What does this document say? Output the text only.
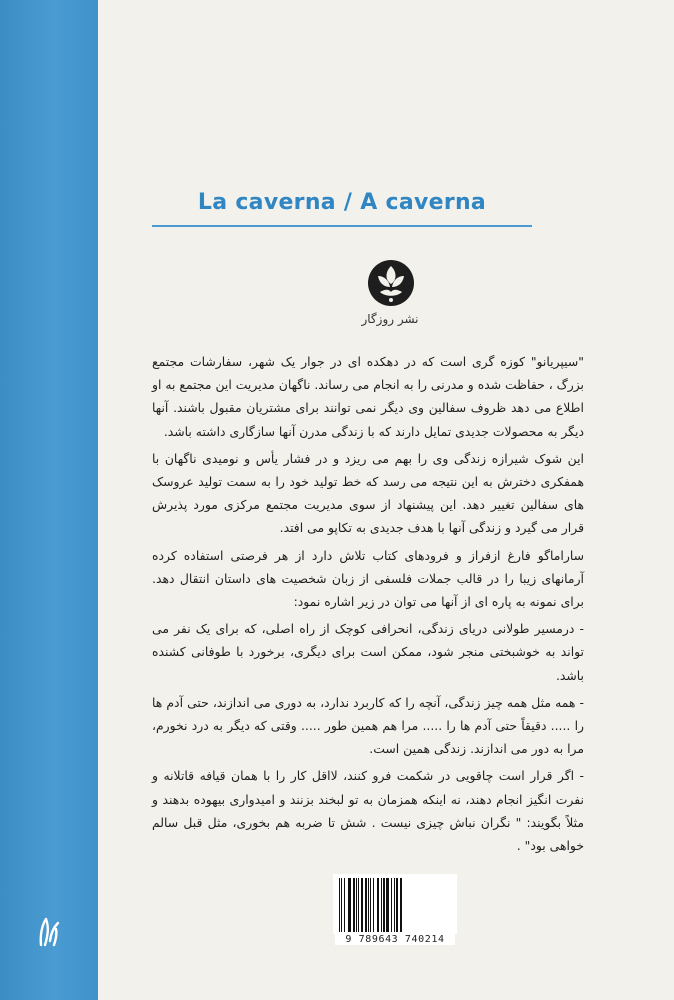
La caverna / A caverna
نشر روزگار

"سیپریانو" کوزه گری است که در دهکده ای در جوار یک شهر، سفارشات مجتمع بزرگ ، حفاظت شده و مدرنی را به انجام می رساند. ناگهان مدیریت این مجتمع به او اطلاع می دهد ظروف سفالین وی دیگر نمی توانند برای مشتریان مقبول باشند. آنها دیگر به محصولات جدیدی تمایل دارند که با زندگی مدرن آنها سازگاری داشته باشد.

این شوک شیرازه زندگی وی را بهم می ریزد و در فشار یأس و نومیدی ناگهان با همفکری دخترش به این نتیجه می رسد که خط تولید خود را به سمت تولید عروسک های سفالین تغییر دهد. این پیشنهاد از سوی مدیریت مجتمع مرکزی مورد پذیرش قرار می گیرد و زندگی آنها با هدف جدیدی به تکاپو می افتد.

ساراماگو فارغ ازفراز و فرودهای کتاب تلاش دارد از هر فرصتی استفاده کرده آرمانهای زیبا را در قالب جملات فلسفی از زبان شخصیت های داستان انتقال دهد. برای نمونه به پاره ای از آنها می توان در زیر اشاره نمود:

- درمسیر طولانی دریای زندگی، انحرافی کوچک از راه اصلی، که برای یک نفر می تواند به خوشبختی منجر شود، ممکن است برای دیگری، برخورد با طوفانی کشنده باشد.

- همه مثل همه چیز زندگی، آنچه را که کاربرد ندارد، به دوری می اندازند، حتی آدم ها را ..... دقیقاً حتی آدم ها را ..... مرا هم همین طور ..... وقتی که دیگر به درد نخورم، مرا به دور می اندازند. زندگی همین است.

- اگر قرار است چاقویی در شکمت فرو کنند، لااقل کار را با همان قیافه قاتلانه و نفرت انگیز انجام دهند، نه اینکه همزمان به تو لبخند بزنند و امیدواری بیهوده بدهند و مثلاً بگویند: " نگران نباش چیزی نیست . شش تا ضربه هم بخوری، مثل قبل سالم خواهی بود" .

9 789643 740214
